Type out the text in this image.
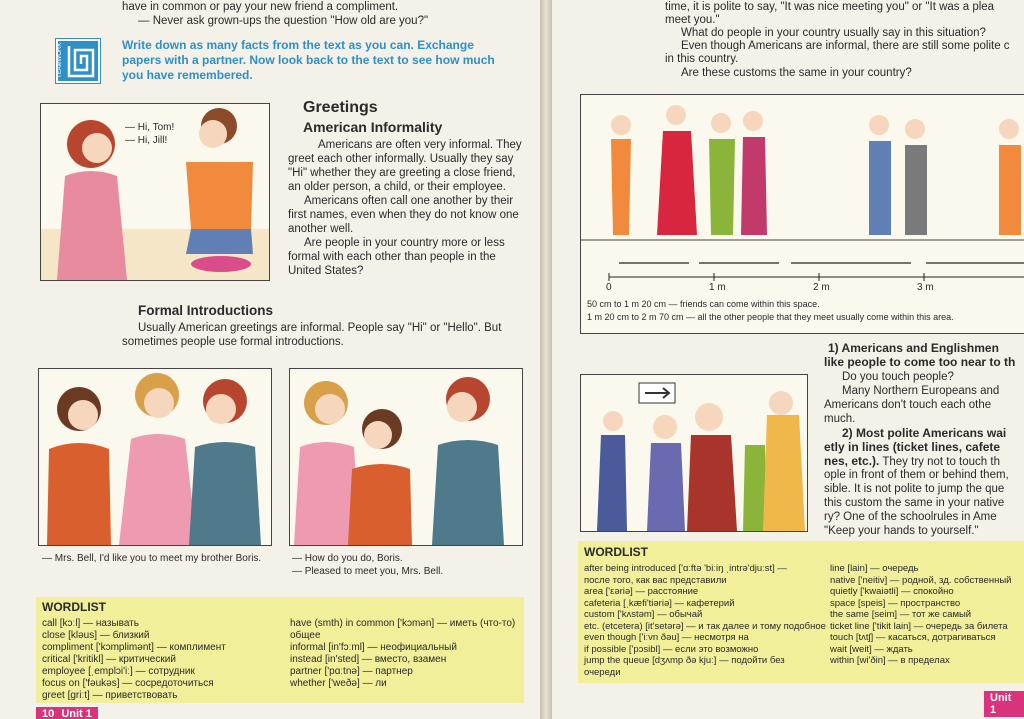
have in common or pay your new friend a compliment.
— Never ask grown-ups the question "How old are you?"
TEAMWORK	Write down as many facts from the text as you can. Exchange
papers with a partner. Now look back to the text to see how much
you have remembered.
— Hi, Tom!
— Hi, Jill!
Greetings
American Informality
Americans are often very informal. They
greet each other informally. Usually they say
"Hi" whether they are greeting a close friend,
an older person, a child, or their employee.
Americans often call one another by their
first names, even when they do not know one
another well.
Are people in your country more or less
formal with each other than people in the
United States?
Formal Introductions
Usually American greetings are informal. People say "Hi" or "Hello". But
sometimes people use formal introductions.
— Mrs. Bell, I'd like you to meet my brother Boris.	— How do you do, Boris.
— Pleased to meet you, Mrs. Bell.
WORDLIST
call [kɔːl] — называть
close [kləus] — близкий
compliment ['kɔmplimənt] — комплимент
critical ['kritikl] — критический
employee [ˌemplɔi'iː] — сотрудник
focus on ['fəukəs] — сосредоточиться
greet [griːt] — приветствовать
have (smth) in common ['kɔmən] — иметь (что-то)
общее
informal [in'fɔːml] — неофициальный
instead [in'sted] — вместо, взамен
partner ['pɑːtnə] — партнер
whether ['weðə] — ли
10 Unit 1
time, it is polite to say, "It was nice meeting you" or "It was a plea
meet you."
What do people in your country usually say in this situation?
Even though Americans are informal, there are still some polite c
in this country.
Are these customs the same in your country?
0	1 m	2 m	3 m
50 cm to 1 m 20 cm — friends can come within this space.
1 m 20 cm to 2 m 70 cm — all the other people that they meet usually come within this area.
1) Americans and Englishmen
like people to come too near to th
Do you touch people?
Many Northern Europeans and
Americans don't touch each othe
much.
2) Most polite Americans wai
etly in lines (ticket lines, cafete
nes, etc.). They try not to touch th
ople in front of them or behind them,
sible. It is not polite to jump the que
this custom the same in your native
ry? One of the schoolrules in Ame
"Keep your hands to yourself."
WORDLIST
after being introduced ['ɑːftə 'biːiŋ ˌintrə'djuːst] —
после того, как вас представили
area ['εəriə] — расстояние
cafeteria [ˌkæfi'tiəriə] — кафетерий
custom ['kʌstəm] — обычай
etc. (etcetera) [it'setərə] — и так далее и тому подобное
even though ['iːvn ðəu] — несмотря на
if possible ['pɔsibl] — если это возможно
jump the queue [dʒʌmp ðə kjuː] — подойти без
очереди
line [lain] — очередь
native ['neitiv] — родной, зд. собственный
quietly ['kwaiətli] — спокойно
space [speis] — пространство
the same [seim] — тот же самый
ticket line ['tikit lain] — очередь за билета
touch [tʌtʃ] — касаться, дотрагиваться
wait [weit] — ждать
within [wi'ðin] — в пределах
Unit 1
